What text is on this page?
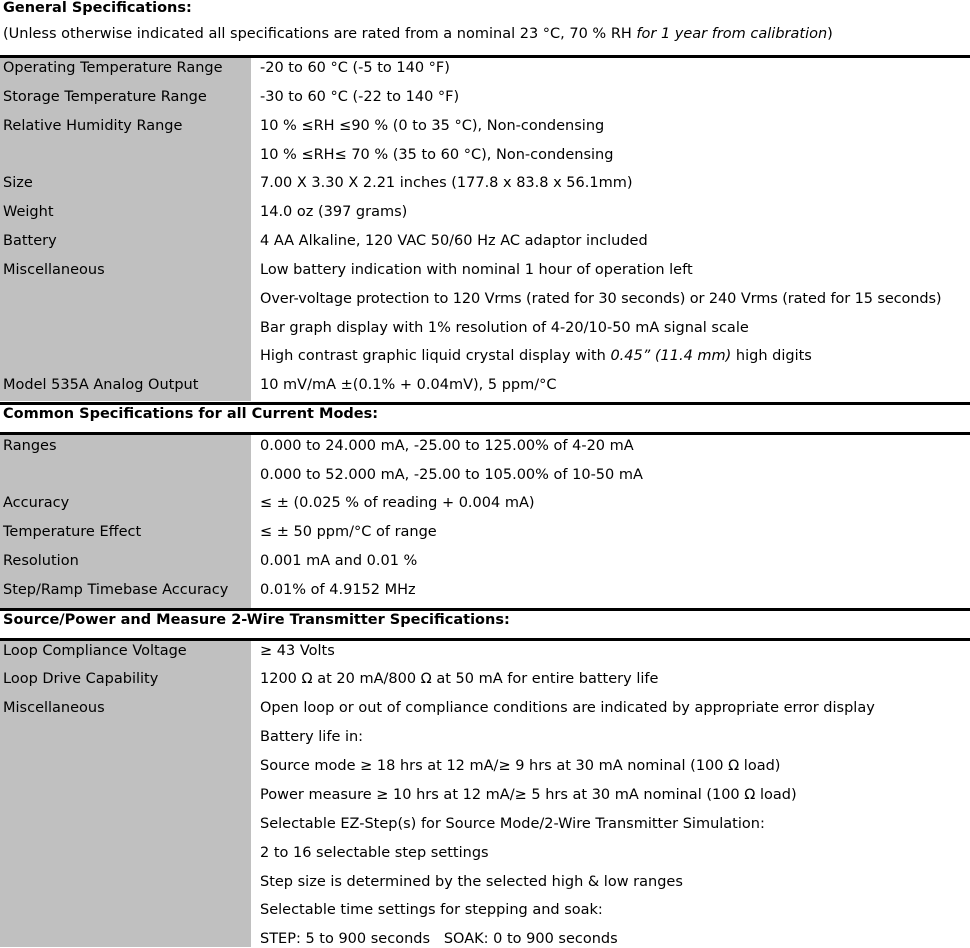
General Specifications:
(Unless otherwise indicated all specifications are rated from a nominal 23 °C, 70 % RH for 1 year from calibration)
Operating Temperature Range	-20 to 60 °C (-5 to 140 °F)
Storage Temperature Range	-30 to 60 °C (-22 to 140 °F)
Relative Humidity Range	10 % ≤RH ≤90 % (0 to 35 °C), Non-condensing
10 % ≤RH≤ 70 % (35 to 60 °C), Non-condensing
Size	7.00 X 3.30 X 2.21 inches (177.8 x 83.8 x 56.1mm)
Weight	14.0 oz (397 grams)
Battery	4 AA Alkaline, 120 VAC 50/60 Hz AC adaptor included
Miscellaneous	Low battery indication with nominal 1 hour of operation left
Over-voltage protection to 120 Vrms (rated for 30 seconds) or 240 Vrms (rated for 15 seconds)
Bar graph display with 1% resolution of 4-20/10-50 mA signal scale
High contrast graphic liquid crystal display with 0.45” (11.4 mm) high digits
Model 535A Analog Output	10 mV/mA ±(0.1% + 0.04mV), 5 ppm/°C
Common Specifications for all Current Modes:
Ranges	0.000 to 24.000 mA, -25.00 to 125.00% of 4-20 mA
0.000 to 52.000 mA, -25.00 to 105.00% of 10-50 mA
Accuracy	≤ ± (0.025 % of reading + 0.004 mA)
Temperature Effect	≤ ± 50 ppm/°C of range
Resolution	0.001 mA and 0.01 %
Step/Ramp Timebase Accuracy 0.01% of 4.9152 MHz
Source/Power and Measure 2-Wire Transmitter Specifications:
Loop Compliance Voltage	≥ 43 Volts
Loop Drive Capability	1200 Ω at 20 mA/800 Ω at 50 mA for entire battery life
Miscellaneous	Open loop or out of compliance conditions are indicated by appropriate error display
Battery life in:
Source mode ≥ 18 hrs at 12 mA/≥ 9 hrs at 30 mA nominal (100 Ω load)
Power measure ≥ 10 hrs at 12 mA/≥ 5 hrs at 30 mA nominal (100 Ω load)
Selectable EZ-Step(s) for Source Mode/2-Wire Transmitter Simulation:
2 to 16 selectable step settings
Step size is determined by the selected high & low ranges
Selectable time settings for stepping and soak:
STEP: 5 to 900 seconds   SOAK: 0 to 900 seconds
